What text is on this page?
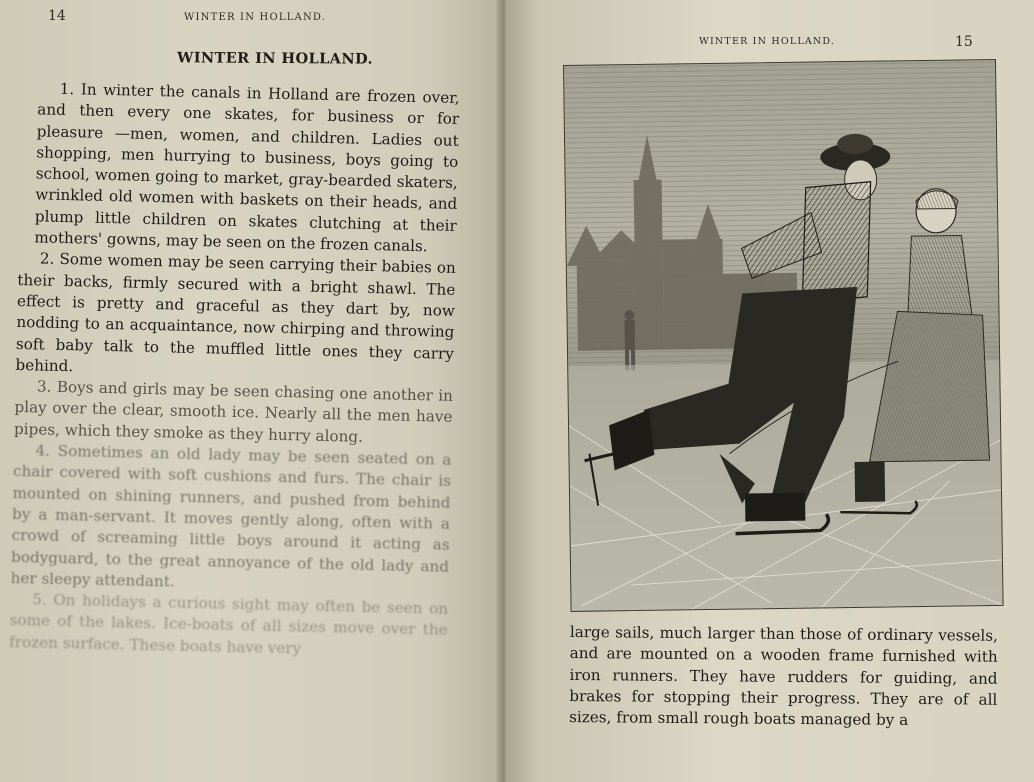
14	WINTER IN HOLLAND.
WINTER IN HOLLAND.

1. In winter the canals in Holland are frozen over, and then every one skates, for business or for pleasure —men, women, and children. Ladies out shopping, men hurrying to business, boys going to school, women going to market, gray-bearded skaters, wrinkled old women with baskets on their heads, and plump little children on skates clutching at their mothers' gowns, may be seen on the frozen canals.

2. Some women may be seen carrying their babies on their backs, firmly secured with a bright shawl. The effect is pretty and graceful as they dart by, now nodding to an acquaintance, now chirping and throwing soft baby talk to the muffled little ones they carry behind.

3. Boys and girls may be seen chasing one another in play over the clear, smooth ice. Nearly all the men have pipes, which they smoke as they hurry along.

4. Sometimes an old lady may be seen seated on a chair covered with soft cushions and furs. The chair is mounted on shining runners, and pushed from behind by a man-servant. It moves gently along, often with a crowd of screaming little boys around it acting as bodyguard, to the great annoyance of the old lady and her sleepy attendant.

5. On holidays a curious sight may often be seen on some of the lakes. Ice-boats of all sizes move over the frozen surface. These boats have very

WINTER IN HOLLAND.	15

large sails, much larger than those of ordinary vessels, and are mounted on a wooden frame furnished with iron runners. They have rudders for guiding, and brakes for stopping their progress. They are of all sizes, from small rough boats managed by a
